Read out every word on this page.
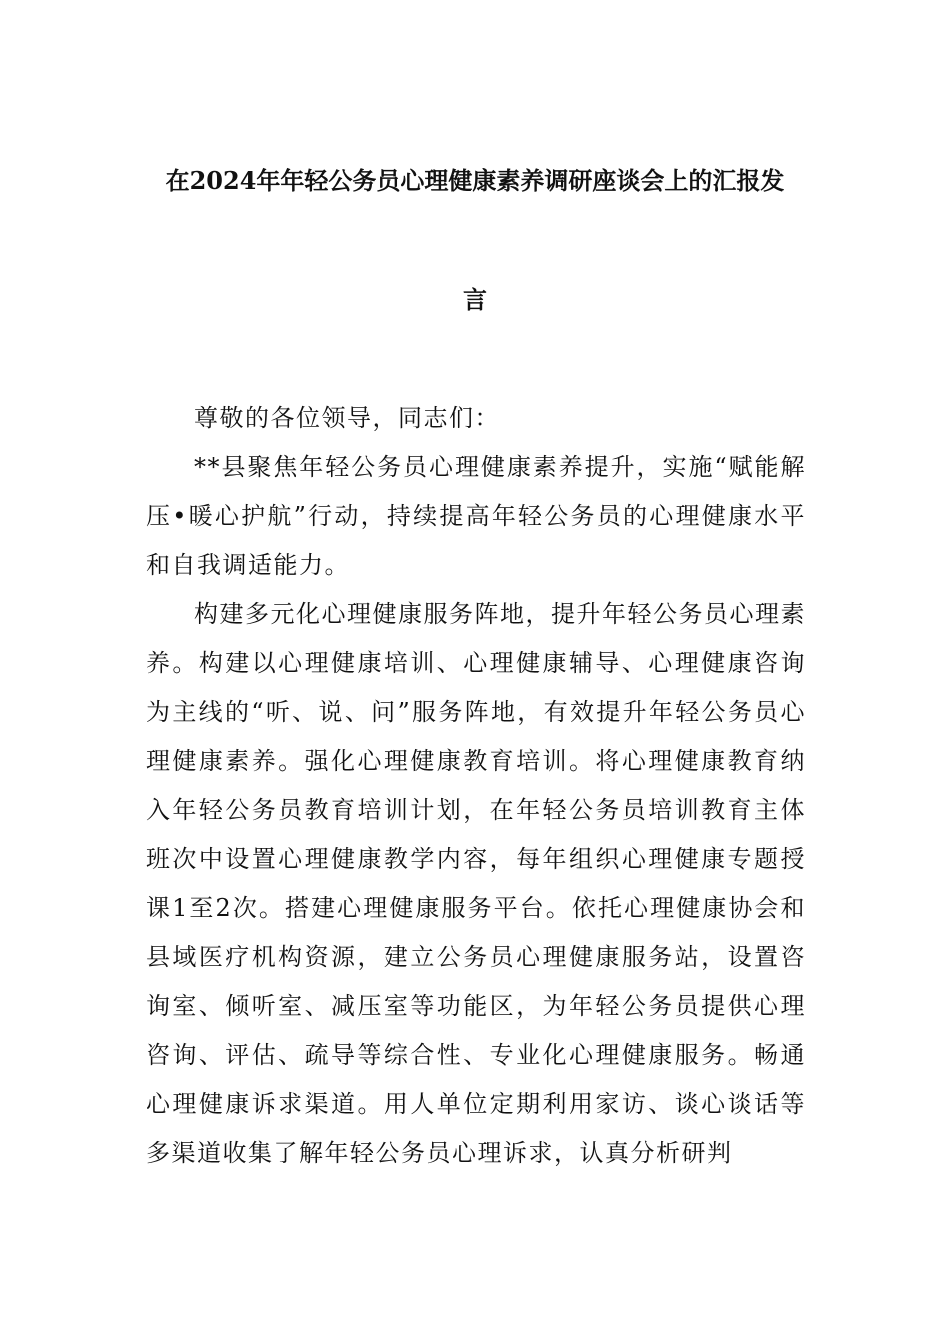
在2024年年轻公务员心理健康素养调研座谈会上的汇报发
言

尊敬的各位领导，同志们：

**县聚焦年轻公务员心理健康素养提升，实施“赋能解压•暖心护航”行动，持续提高年轻公务员的心理健康水平和自我调适能力。

构建多元化心理健康服务阵地，提升年轻公务员心理素养。构建以心理健康培训、心理健康辅导、心理健康咨询为主线的“听、说、问”服务阵地，有效提升年轻公务员心理健康素养。强化心理健康教育培训。将心理健康教育纳入年轻公务员教育培训计划，在年轻公务员培训教育主体班次中设置心理健康教学内容，每年组织心理健康专题授课1至2次。搭建心理健康服务平台。依托心理健康协会和县域医疗机构资源，建立公务员心理健康服务站，设置咨询室、倾听室、减压室等功能区，为年轻公务员提供心理咨询、评估、疏导等综合性、专业化心理健康服务。畅通心理健康诉求渠道。用人单位定期利用家访、谈心谈话等多渠道收集了解年轻公务员心理诉求，认真分析研判
